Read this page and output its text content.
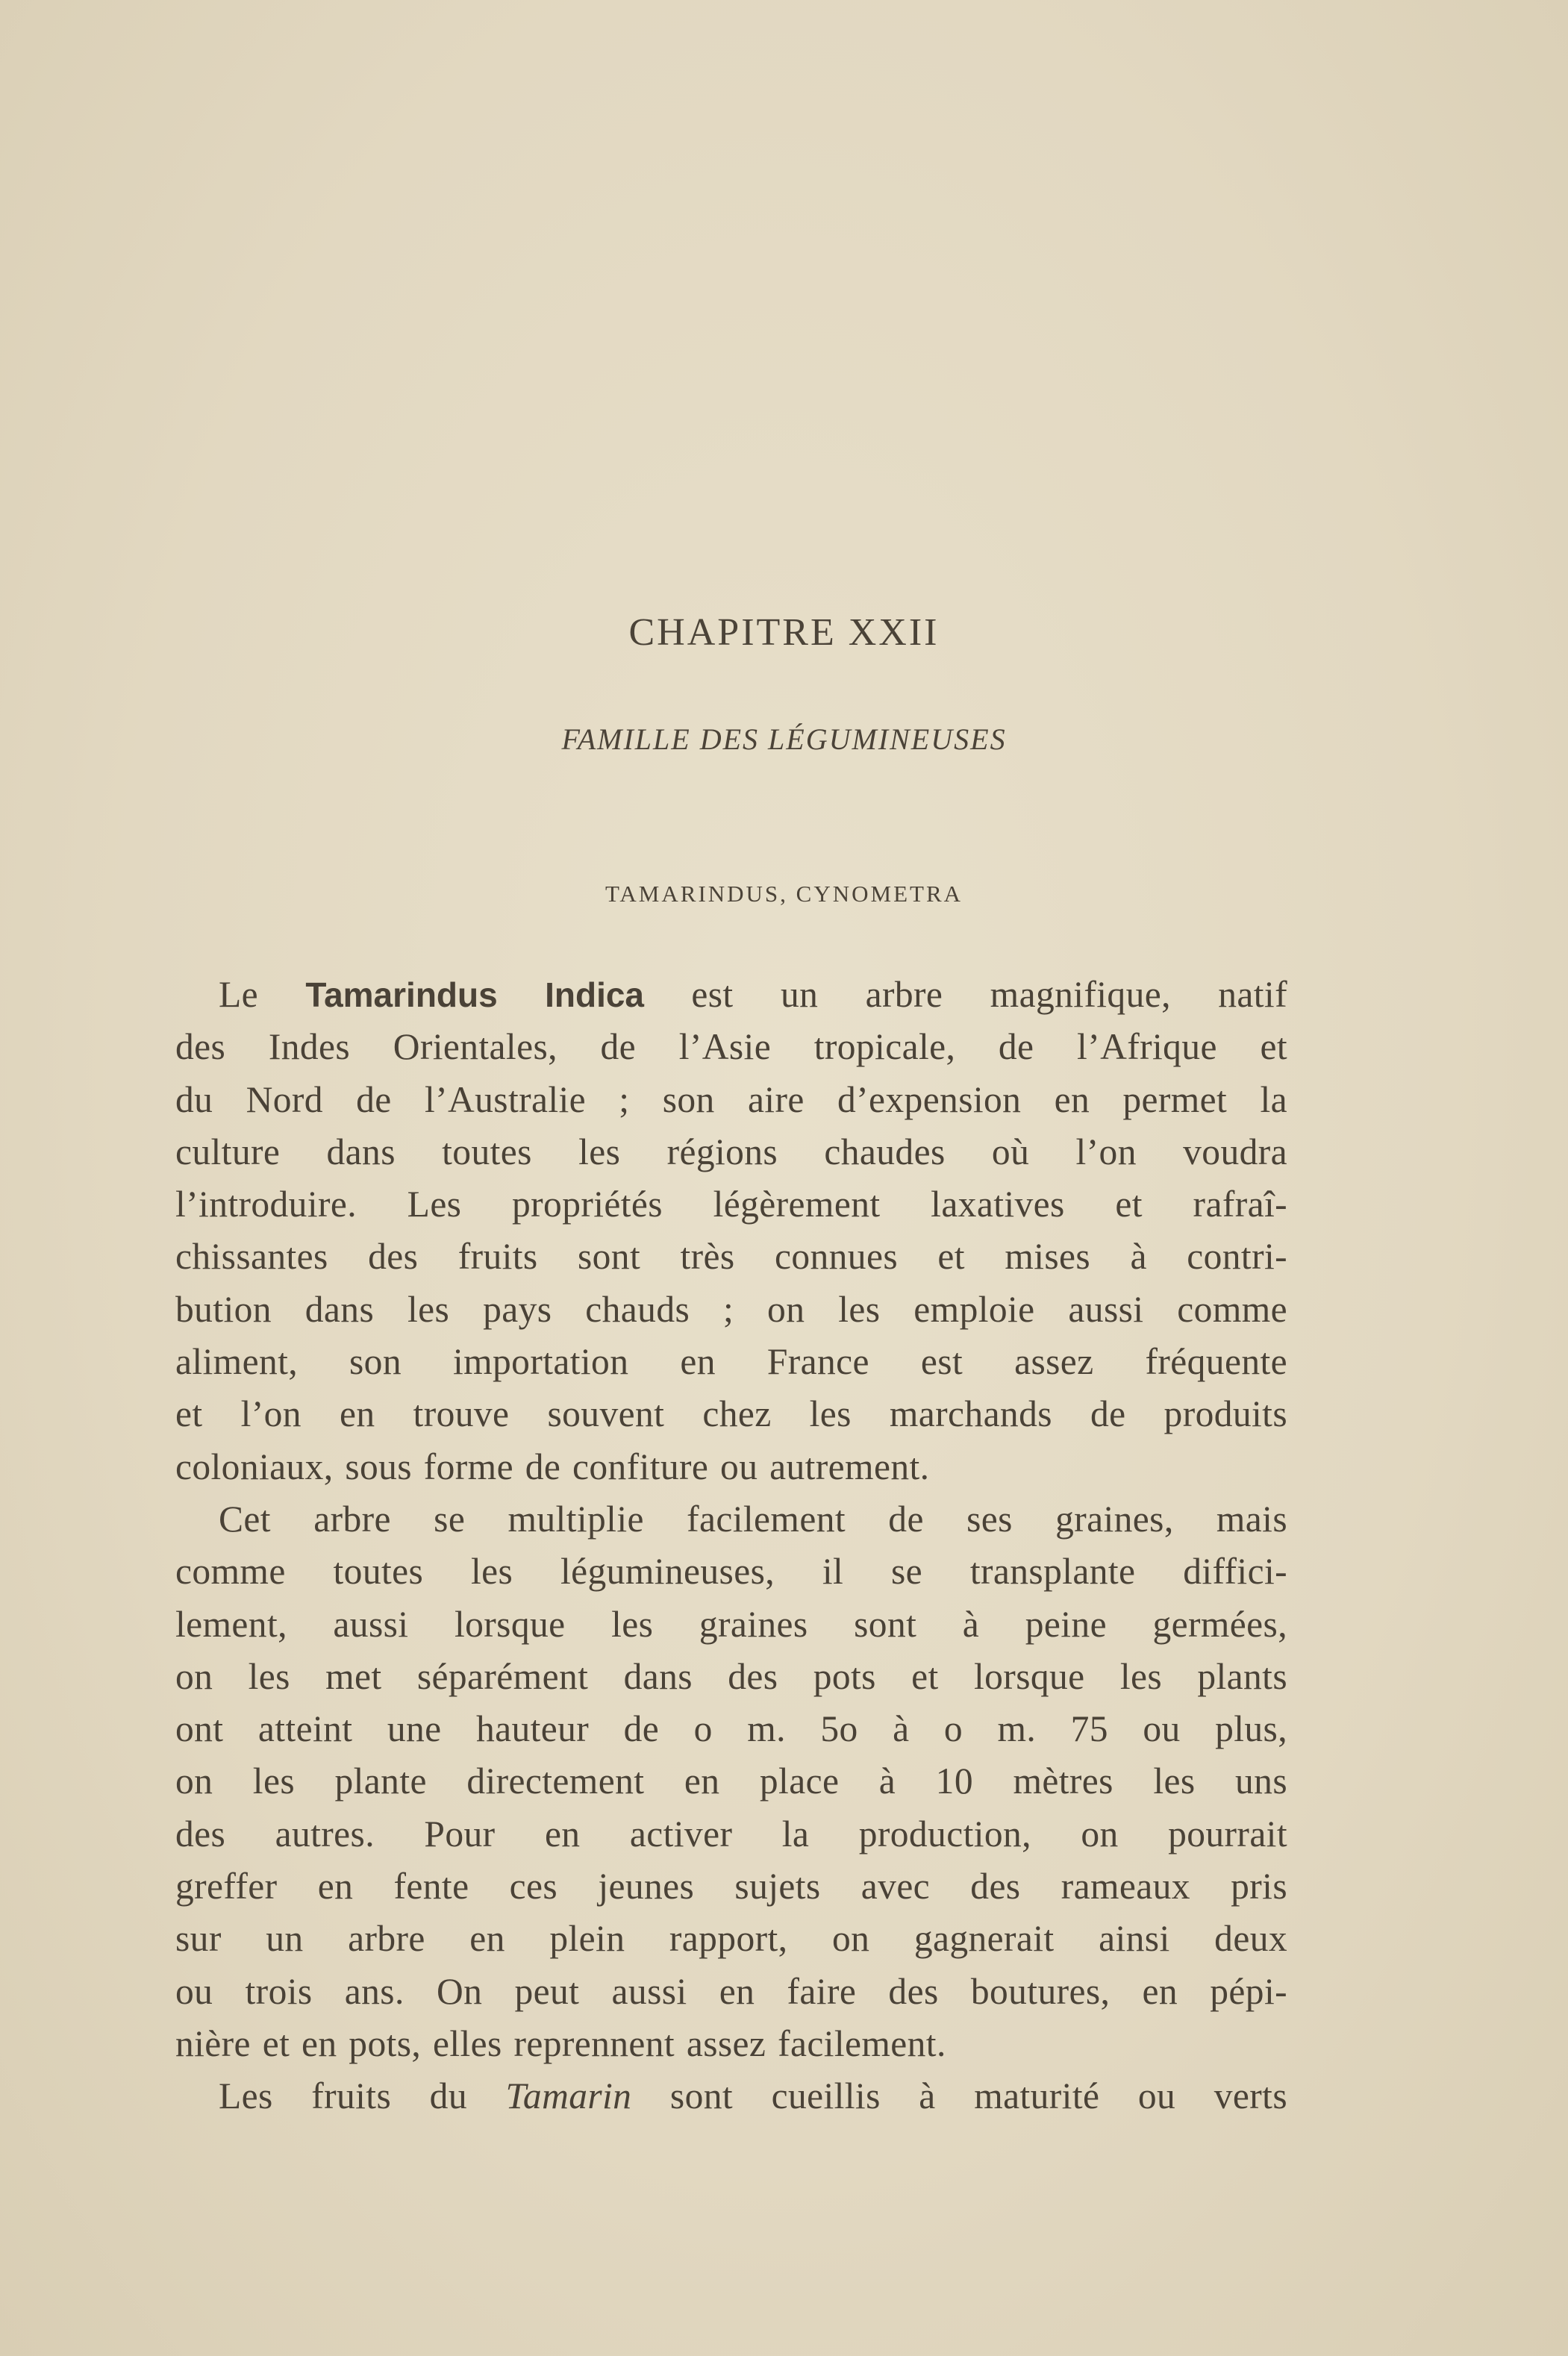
CHAPITRE XXII
FAMILLE DES LÉGUMINEUSES
TAMARINDUS, CYNOMETRA
Le Tamarindus Indica est un arbre magnifique, natif
des Indes Orientales, de l’Asie tropicale, de l’Afrique et
du Nord de l’Australie ; son aire d’expension en permet la
culture dans toutes les régions chaudes où l’on voudra
l’introduire. Les propriétés légèrement laxatives et rafraî-
chissantes des fruits sont très connues et mises à contri-
bution dans les pays chauds ; on les emploie aussi comme
aliment, son importation en France est assez fréquente
et l’on en trouve souvent chez les marchands de produits
coloniaux, sous forme de confiture ou autrement.
Cet arbre se multiplie facilement de ses graines, mais
comme toutes les légumineuses, il se transplante diffici-
lement, aussi lorsque les graines sont à peine germées,
on les met séparément dans des pots et lorsque les plants
ont atteint une hauteur de o m. 5o à o m. 75 ou plus,
on les plante directement en place à 10 mètres les uns
des autres. Pour en activer la production, on pourrait
greffer en fente ces jeunes sujets avec des rameaux pris
sur un arbre en plein rapport, on gagnerait ainsi deux
ou trois ans. On peut aussi en faire des boutures, en pépi-
nière et en pots, elles reprennent assez facilement.
Les fruits du Tamarin sont cueillis à maturité ou verts
